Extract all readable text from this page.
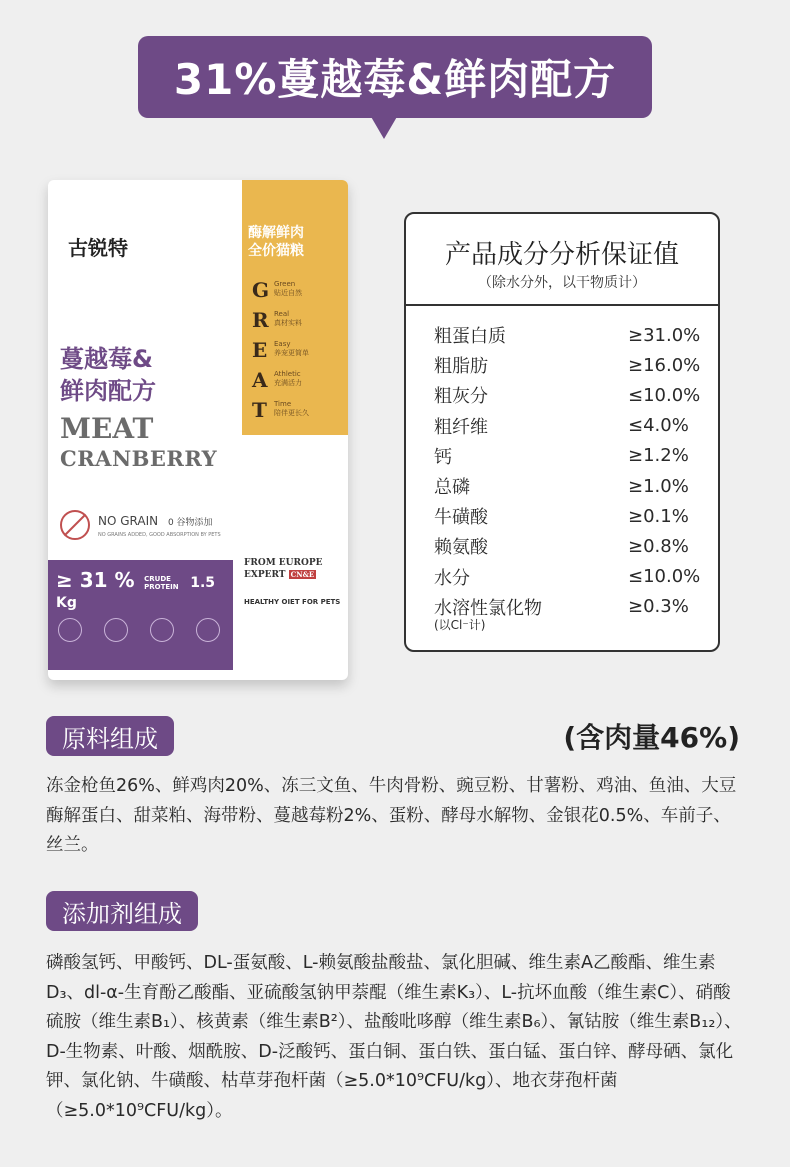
31%蔓越莓&鲜肉配方
古锐特
酶解鲜肉
全价猫粮
G Green
贴近自然
R Real
真材实料
E Easy
养宠更简单
A Athletic
充满活力
T	Time
陪伴更长久
蔓越莓&
鲜肉配方
MEAT
CRANBERRY
NO GRAIN 0 谷物添加
NO GRAINS ADDED, GOOD ABSORPTION BY PETS
≥ 31 % CRUDE
PROTEIN 1.5 Kg
FROM EUROPE
EXPERT CN&E
HEALTHY OIET FOR PETS
产品成分分析保证值
（除水分外，以干物质计）
粗蛋白质	≥31.0%
粗脂肪	≥16.0%
粗灰分	≤10.0%
粗纤维	≤4.0%
钙	≥1.2%
总磷	≥1.0%
牛磺酸	≥0.1%
赖氨酸	≥0.8%
水分	≤10.0%
水溶性氯化物	≥0.3%
(以Cl⁻计)
原料组成	(含肉量46%)
冻金枪鱼26%、鲜鸡肉20%、冻三文鱼、牛肉骨粉、豌豆粉、甘薯粉、鸡油、鱼油、大豆酶解蛋白、甜菜粕、海带粉、蔓越莓粉2%、蛋粉、酵母水解物、金银花0.5%、车前子、丝兰。
添加剂组成
磷酸氢钙、甲酸钙、DL-蛋氨酸、L-赖氨酸盐酸盐、氯化胆碱、维生素A乙酸酯、维生素D₃、dl-α-生育酚乙酸酯、亚硫酸氢钠甲萘醌（维生素K₃）、L-抗坏血酸（维生素C）、硝酸硫胺（维生素B₁）、核黄素（维生素B²）、盐酸吡哆醇（维生素B₆）、氰钴胺（维生素B₁₂）、D-生物素、叶酸、烟酰胺、D-泛酸钙、蛋白铜、蛋白铁、蛋白锰、蛋白锌、酵母硒、氯化钾、氯化钠、牛磺酸、枯草芽孢杆菌（≥5.0*10⁹CFU/kg）、地衣芽孢杆菌（≥5.0*10⁹CFU/kg）。
